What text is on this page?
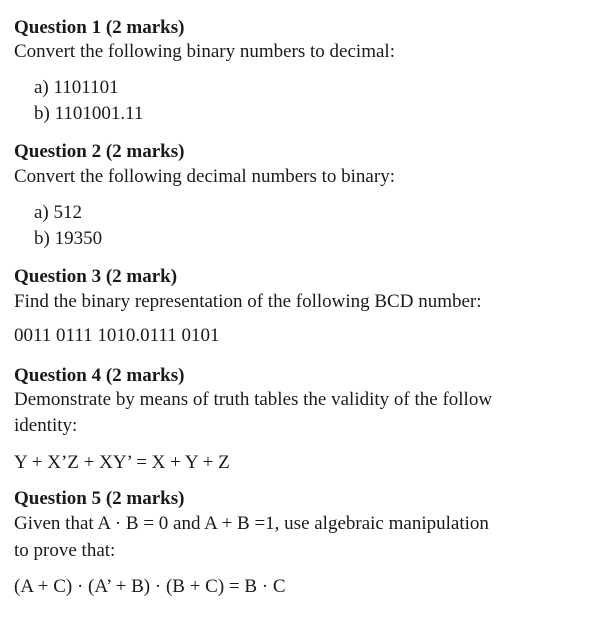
Question 1 (2 marks)
Convert the following binary numbers to decimal:
a) 1101101
b) 1101001.11
Question 2 (2 marks)
Convert the following decimal numbers to binary:
a) 512
b) 19350
Question 3 (2 mark)
Find the binary representation of the following BCD number:
0011 0111 1010.0111 0101
Question 4 (2 marks)
Demonstrate by means of truth tables the validity of the follow
identity:
Y + X’Z + XY’ = X + Y + Z
Question 5 (2 marks)
Given that A · B = 0 and A + B =1, use algebraic manipulation
to prove that:
(A + C) · (A’ + B) · (B + C) = B · C
